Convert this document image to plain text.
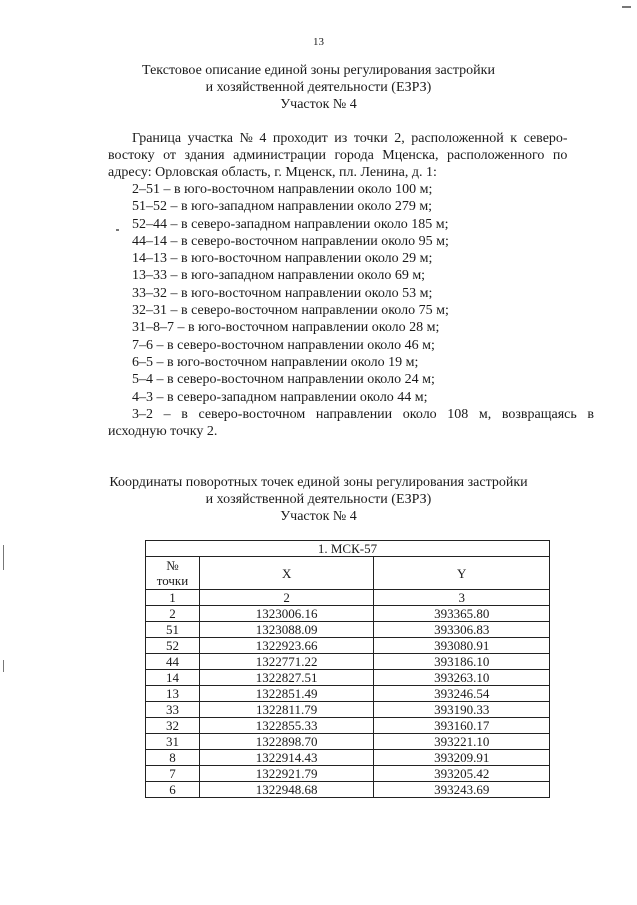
13
Текстовое описание единой зоны регулирования застройки
и хозяйственной деятельности (ЕЗРЗ)
Участок № 4
Граница участка № 4 проходит из точки 2, расположенной к северо-
востоку от здания администрации города Мценска, расположенного по
адресу: Орловская область, г. Мценск, пл. Ленина, д. 1:
2–51 – в юго-восточном направлении около 100 м;
51–52 – в юго-западном направлении около 279 м;
52–44 – в северо-западном направлении около 185 м;
44–14 – в северо-восточном направлении около 95 м;
14–13 – в юго-восточном направлении около 29 м;
13–33 – в юго-западном направлении около 69 м;
33–32 – в юго-восточном направлении около 53 м;
32–31 – в северо-восточном направлении около 75 м;
31–8–7 – в юго-восточном направлении около 28 м;
7–6 – в северо-восточном направлении около 46 м;
6–5 – в юго-восточном направлении около 19 м;
5–4 – в северо-восточном направлении около 24 м;
4–3 – в северо-западном направлении около 44 м;
3–2 – в северо-восточном направлении около 108 м, возвращаясь в
исходную точку 2.
Координаты поворотных точек единой зоны регулирования застройки
и хозяйственной деятельности (ЕЗРЗ)
Участок № 4
1. МСК-57		

№
точки	X	Y
1	2	3
2	1323006.16	393365.80
51	1323088.09	393306.83
52	1322923.66	393080.91
44	1322771.22	393186.10
14	1322827.51	393263.10
13	1322851.49	393246.54
33	1322811.79	393190.33
32	1322855.33	393160.17
31	1322898.70	393221.10
8	1322914.43	393209.91
7	1322921.79	393205.42
6	1322948.68	393243.69
